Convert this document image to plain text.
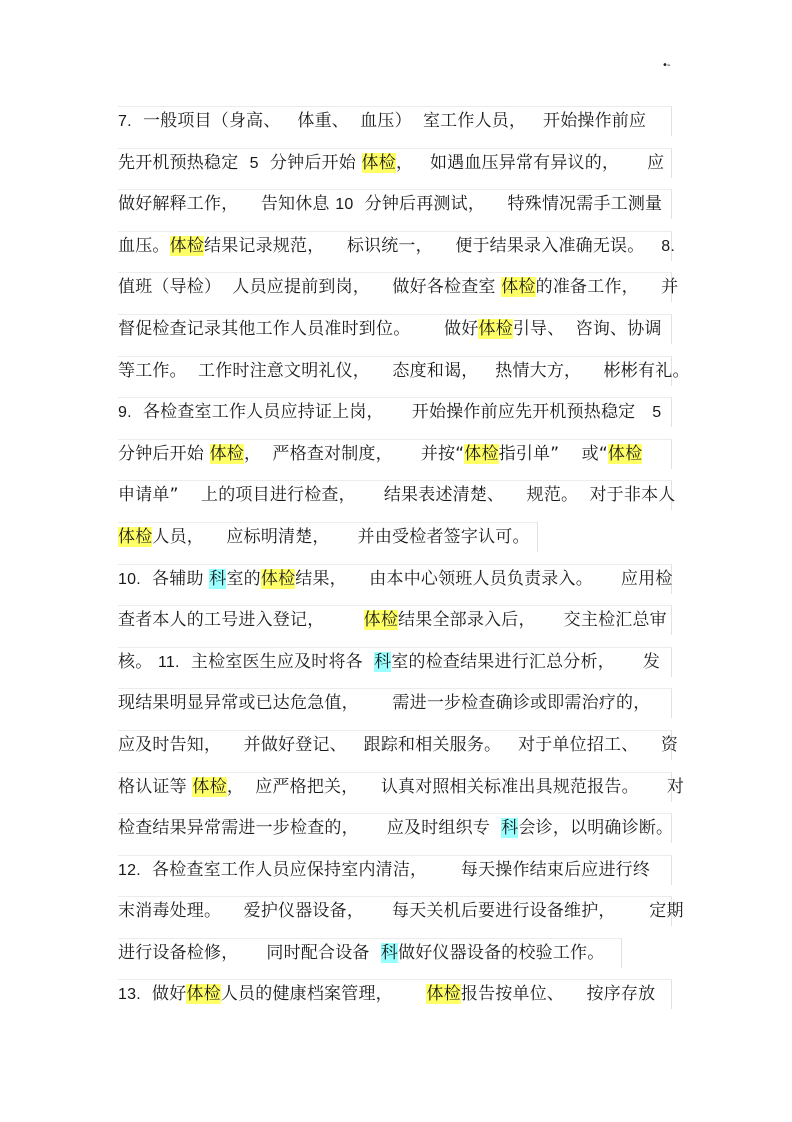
•-
7.  一般项目（身高、   体重、  血压）  室工作人员，   开始操作前应
先开机预热稳定  5  分钟后开始 体检，   如遇血压异常有异议的，     应
做好解释工作，    告知休息 10  分钟后再测试，    特殊情况需手工测量
血压。体检结果记录规范，    标识统一，    便于结果录入准确无误。   8.
值班（导检）  人员应提前到岗，    做好各检查室 体检的准备工作，    并
督促检查记录其他工作人员准时到位。      做好体检引导、  咨询、协调
等工作。  工作时注意文明礼仪，    态度和谒，   热情大方，    彬彬有礼。
9.  各检查室工作人员应持证上岗，     开始操作前应先开机预热稳定   5
分钟后开始 体检，  严格查对制度，     并按“体检指引单”    或“体检
申请单”    上的项目进行检查，     结果表述清楚、    规范。  对于非本人
体检人员，    应标明清楚，     并由受检者签字认可。
10.  各辅助 科室的体检结果，    由本中心领班人员负责录入。     应用检
查者本人的工号进入登记，       体检结果全部录入后，     交主检汇总审
核。 11.  主检室医生应及时将各  科室的检查结果进行汇总分析，     发
现结果明显异常或已达危急值，      需进一步检查确诊或即需治疗的，
应及时告知，    并做好登记、   跟踪和相关服务。   对于单位招工、    资
格认证等 体检，  应严格把关，    认真对照相关标准出具规范报告。     对
检查结果异常需进一步检查的，     应及时组织专  科会诊，以明确诊断。
12.  各检查室工作人员应保持室内清洁，      每天操作结束后应进行终
末消毒处理。    爱护仪器设备，     每天关机后要进行设备维护，      定期
进行设备检修，     同时配合设备  科做好仪器设备的校验工作。
13.  做好体检人员的健康档案管理，      体检报告按单位、    按序存放
